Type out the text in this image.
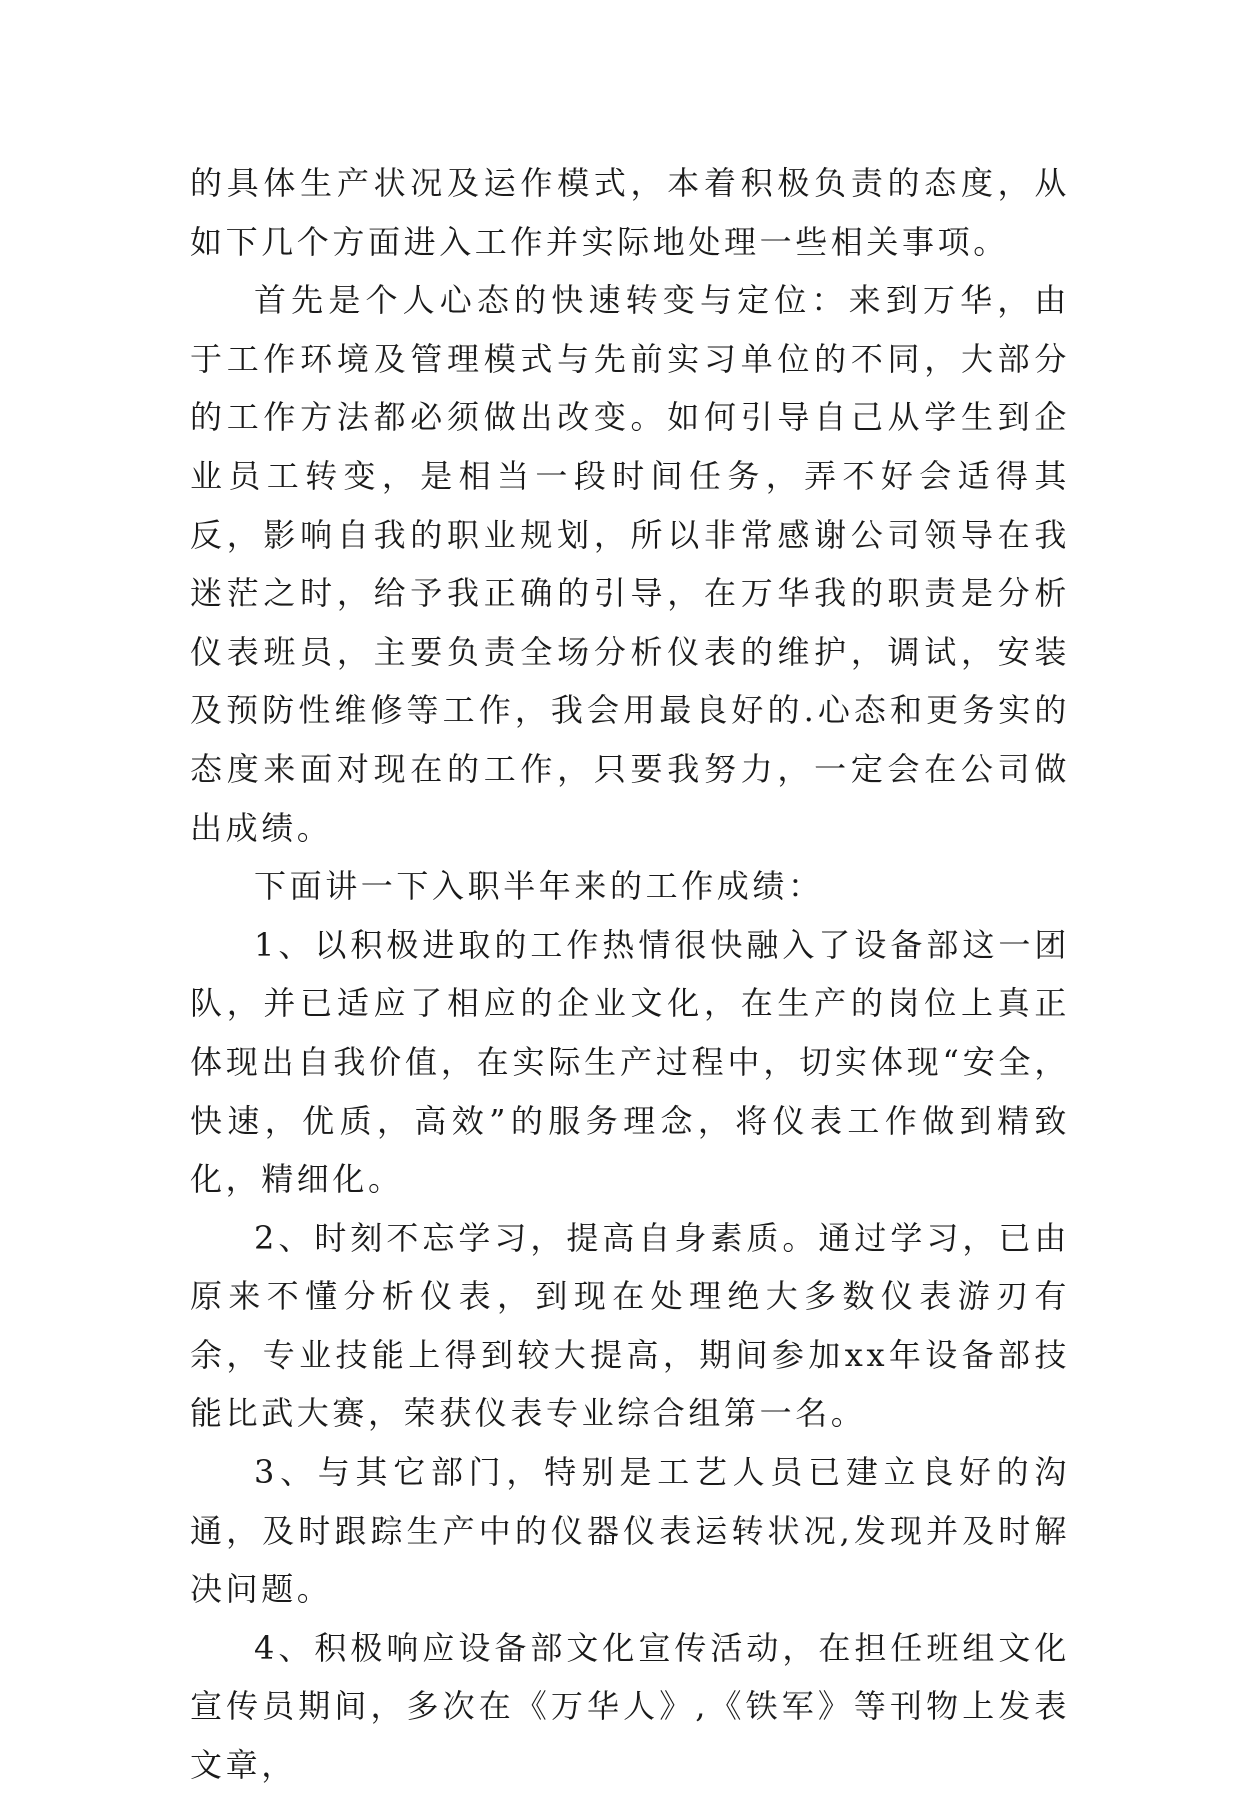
的具体生产状况及运作模式，本着积极负责的态度，从如下几个方面进入工作并实际地处理一些相关事项。

首先是个人心态的快速转变与定位：来到万华，由于工作环境及管理模式与先前实习单位的不同，大部分的工作方法都必须做出改变。如何引导自己从学生到企业员工转变，是相当一段时间任务，弄不好会适得其反，影响自我的职业规划，所以非常感谢公司领导在我迷茫之时，给予我正确的引导，在万华我的职责是分析仪表班员，主要负责全场分析仪表的维护，调试，安装及预防性维修等工作，我会用最良好的.心态和更务实的态度来面对现在的工作，只要我努力，一定会在公司做出成绩。

下面讲一下入职半年来的工作成绩：

1、以积极进取的工作热情很快融入了设备部这一团队，并已适应了相应的企业文化，在生产的岗位上真正体现出自我价值，在实际生产过程中，切实体现“安全，快速，优质，高效”的服务理念，将仪表工作做到精致化，精细化。

2、时刻不忘学习，提高自身素质。通过学习，已由原来不懂分析仪表，到现在处理绝大多数仪表游刃有余，专业技能上得到较大提高，期间参加xx年设备部技能比武大赛，荣获仪表专业综合组第一名。

3、与其它部门，特别是工艺人员已建立良好的沟通，及时跟踪生产中的仪器仪表运转状况,发现并及时解决问题。

4、积极响应设备部文化宣传活动，在担任班组文化宣传员期间，多次在《万华人》,《铁军》等刊物上发表文章，
